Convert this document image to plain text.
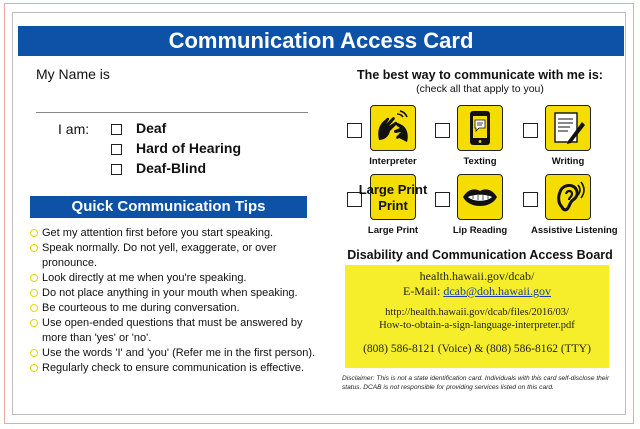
Communication Access Card
My Name is
I am:	Deaf
Hard of Hearing
Deaf-Blind
Quick Communication Tips
Get my attention first before you start speaking.
Speak normally. Do not yell, exaggerate, or over pronounce.
Look directly at me when you're speaking.
Do not place anything in your mouth when speaking.
Be courteous to me during conversation.
Use open-ended questions that must be answered by more than 'yes' or 'no'.
Use the words 'I' and 'you' (Refer me in the first person).
Regularly check to ensure communication is effective.
The best way to communicate with me is:
(check all that apply to you)
Interpreter	Texting	Writing
Large Print
Print
Large Print	Lip Reading	Assistive Listening
Disability and Communication Access Board
health.hawaii.gov/dcab/
E-Mail: dcab@doh.hawaii.gov
http://health.hawaii.gov/dcab/files/2016/03/
How-to-obtain-a-sign-language-interpreter.pdf
(808) 586-8121 (Voice) & (808) 586-8162 (TTY)
Disclaimer: This is not a state identification card. Individuals with this card self-disclose their status. DCAB is not responsible for providing services listed on this card.
